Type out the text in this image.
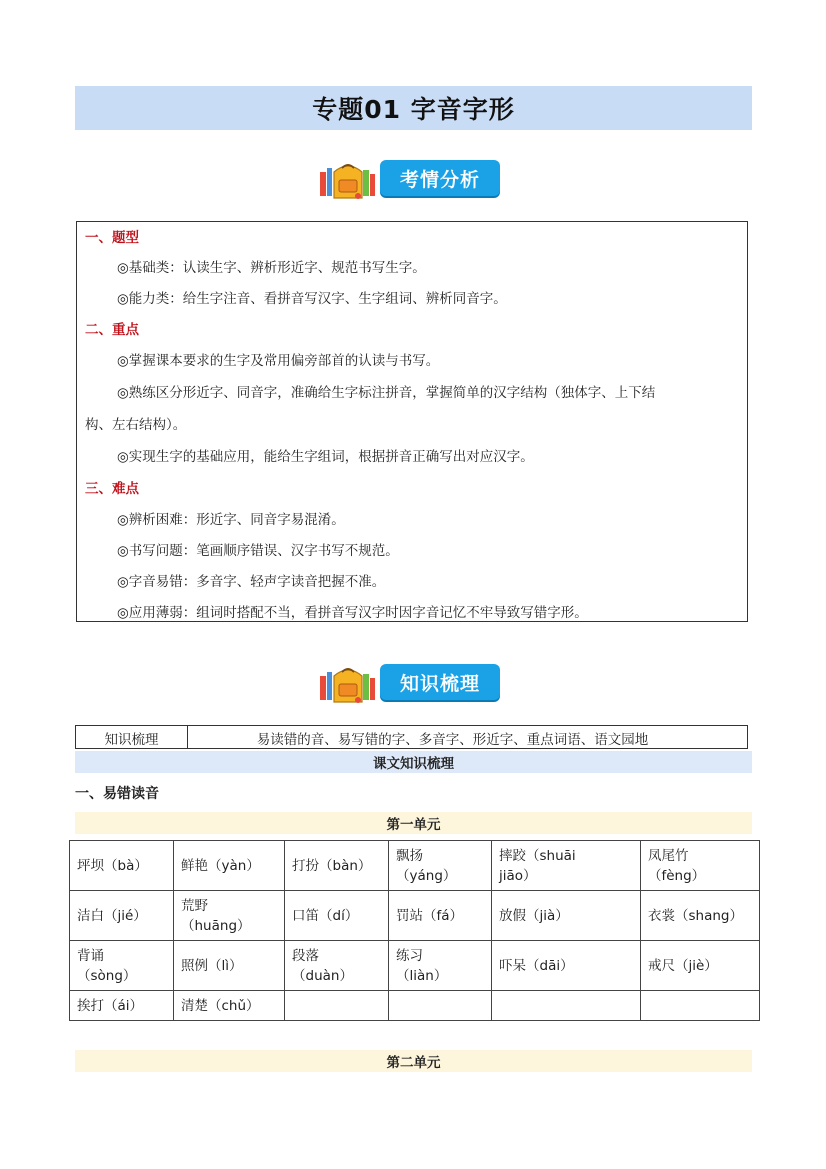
专题01 字音字形
考情分析
一、题型
◎基础类：认读生字、辨析形近字、规范书写生字。
◎能力类：给生字注音、看拼音写汉字、生字组词、辨析同音字。
二、重点
◎掌握课本要求的生字及常用偏旁部首的认读与书写。
◎熟练区分形近字、同音字，准确给生字标注拼音，掌握简单的汉字结构（独体字、上下结
构、左右结构）。
◎实现生字的基础应用，能给生字组词，根据拼音正确写出对应汉字。
三、难点
◎辨析困难：形近字、同音字易混淆。
◎书写问题：笔画顺序错误、汉字书写不规范。
◎字音易错：多音字、轻声字读音把握不准。
◎应用薄弱：组词时搭配不当，看拼音写汉字时因字音记忆不牢导致写错字形。
知识梳理
知识梳理	易读错的音、易写错的字、多音字、形近字、重点词语、语文园地
课文知识梳理
一、易错读音
第一单元
坪坝（bà）	鲜艳（yàn）	打扮（bàn）	飘扬
（yáng）	摔跤（shuāi
jiāo）	凤尾竹
（fèng）
洁白（jié）	荒野
（huāng）	口笛（dí）	罚站（fá）	放假（jià）	衣裳（shang）
背诵
（sòng）	照例（lì）	段落
（duàn）	练习
（liàn）	吓呆（dāi）	戒尺（jiè）
挨打（ái）	清楚（chǔ）				
第二单元
